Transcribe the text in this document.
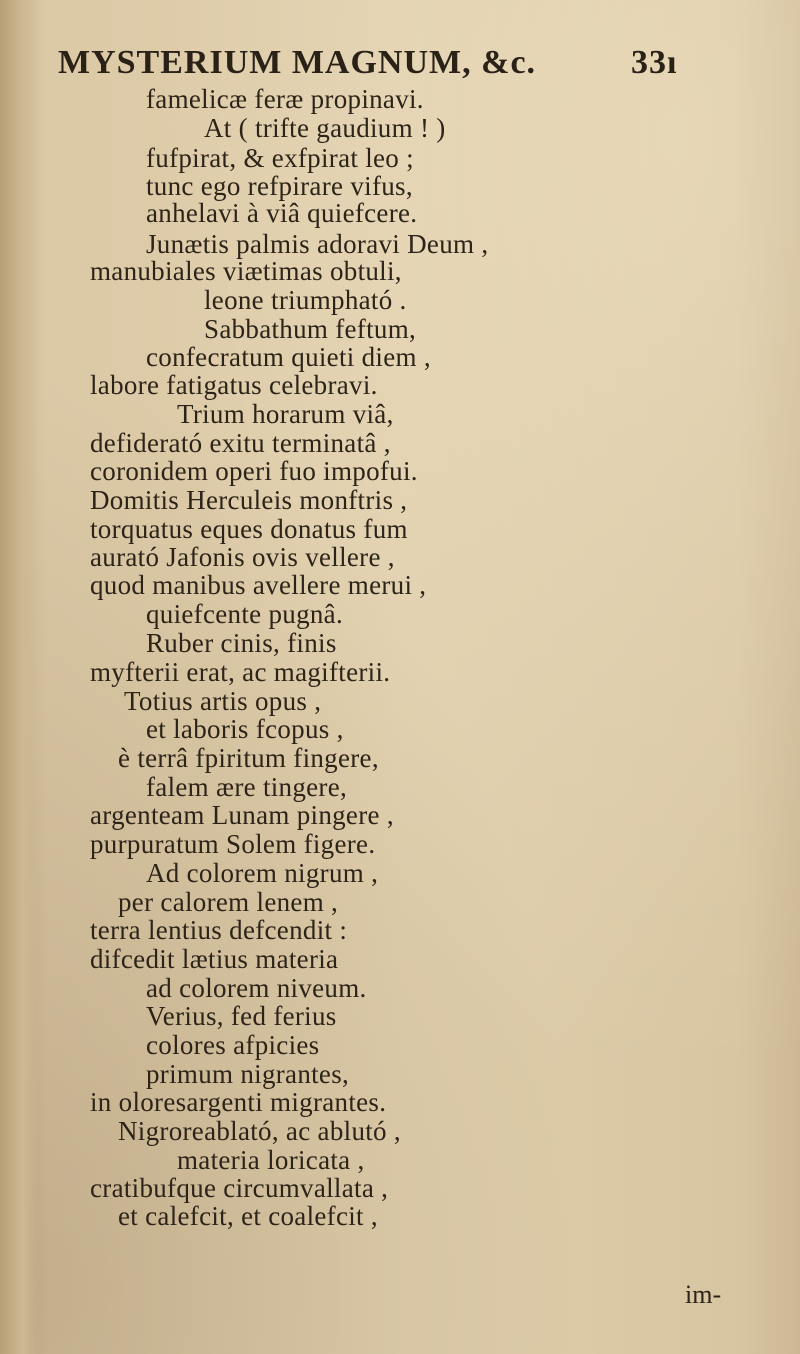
MYSTERIUM MAGNUM, &c.	33ı
famelicæ feræ propinavi.
At ( trifte gaudium ! )
fufpirat, & exfpirat leo ;
tunc ego refpirare vifus,
anhelavi à viâ quiefcere.
Junætis palmis adoravi Deum ,
manubiales viætimas obtuli,
leone triumpható .
Sabbathum feftum,
confecratum quieti diem ,
labore fatigatus celebravi.
Trium horarum viâ,
defiderató exitu terminatâ ,
coronidem operi fuo impofui.
Domitis Herculeis monftris ,
torquatus eques donatus fum
aurató Jafonis ovis vellere ,
quod manibus avellere merui ,
quiefcente pugnâ.
Ruber cinis, finis
myfterii erat, ac magifterii.
Totius artis opus ,
et laboris fcopus ,
è terrâ fpiritum fingere,
falem ære tingere,
argenteam Lunam pingere ,
purpuratum Solem figere.
Ad colorem nigrum ,
per calorem lenem ,
terra lentius defcendit :
difcedit lætius materia
ad colorem niveum.
Verius, fed ferius
colores afpicies
primum nigrantes,
in oloresargenti migrantes.
Nigroreablató, ac ablutó ,
materia loricata ,
cratibufque circumvallata ,
et calefcit, et coalefcit ,
im-
